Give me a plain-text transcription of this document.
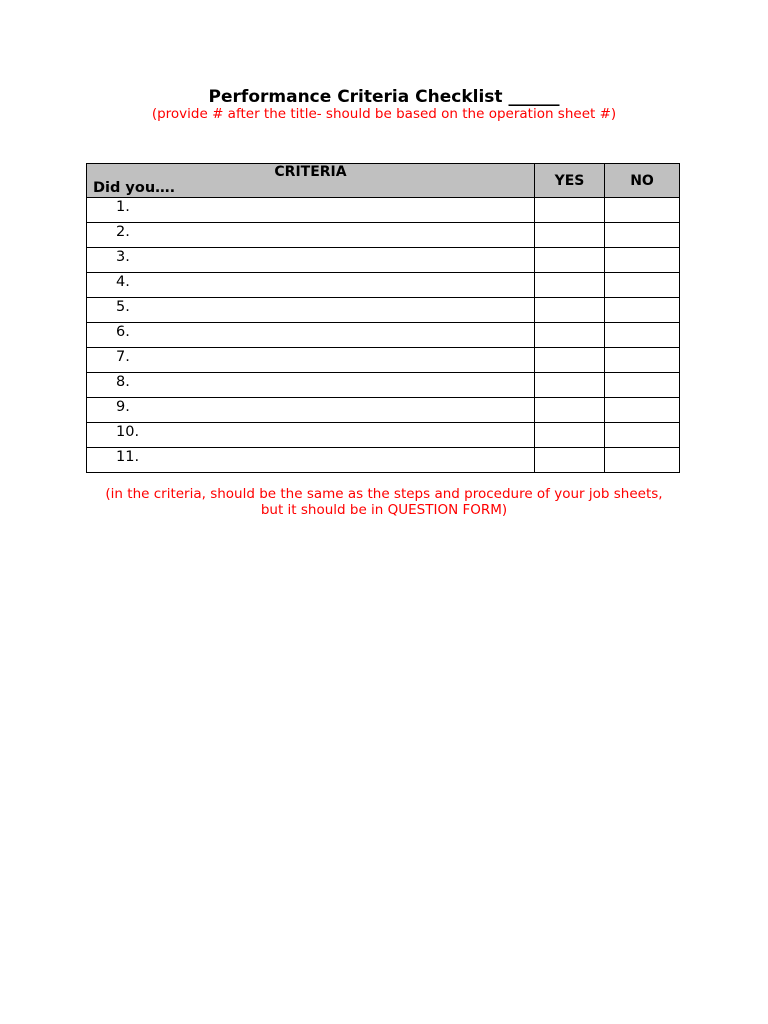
Performance Criteria Checklist ______
(provide # after the title- should be based on the operation sheet #)
CRITERIA
Did you….	YES	NO
1.		
2.		
3.		
4.		
5.		
6.		
7.		
8.		
9.		
10.		
11.		
(in the criteria, should be the same as the steps and procedure of your job sheets, but it should be in QUESTION FORM)
